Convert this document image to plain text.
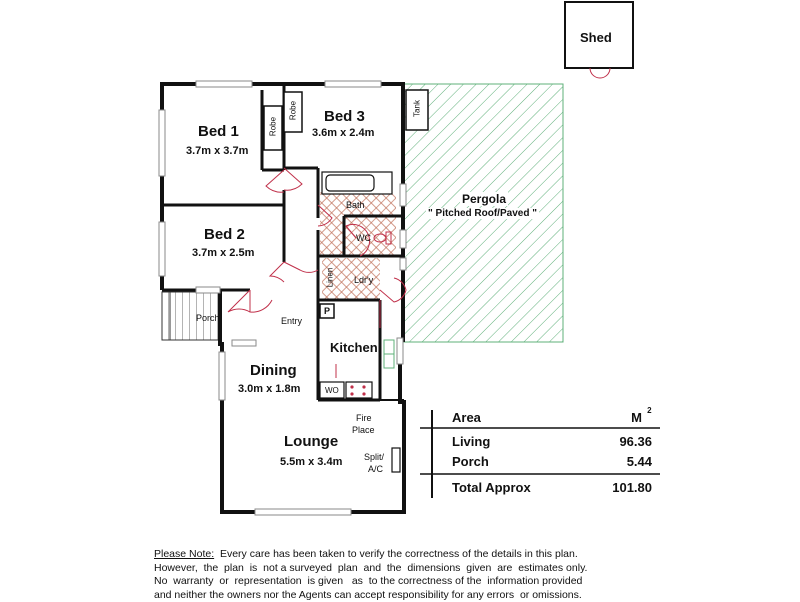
Bed 1
3.7m x 3.7m
Bed 2
3.7m x 2.5m
Bed 3
3.6m x 2.4m
Dining
3.0m x 1.8m
Lounge
5.5m x 3.4m
Kitchen
Bath
WC
Ldr'y
Porch	Entry
P
WO
Robe
Robe
Linen
Tank
Shed
Pergola
" Pitched Roof/Paved "
Fire
Place
Split/
A/C
Area	M 2
Living	96.36
Porch	5.44
Total Approx	101.80
Please Note: Every care has been taken to verify the correctness of the details in this plan.
However,  the  plan  is  not a surveyed  plan  and  the  dimensions  given  are  estimates only.
No  warranty  or  representation  is given   as  to the correctness of the  information provided
and neither the owners nor the Agents can accept responsibility for any errors  or omissions.
